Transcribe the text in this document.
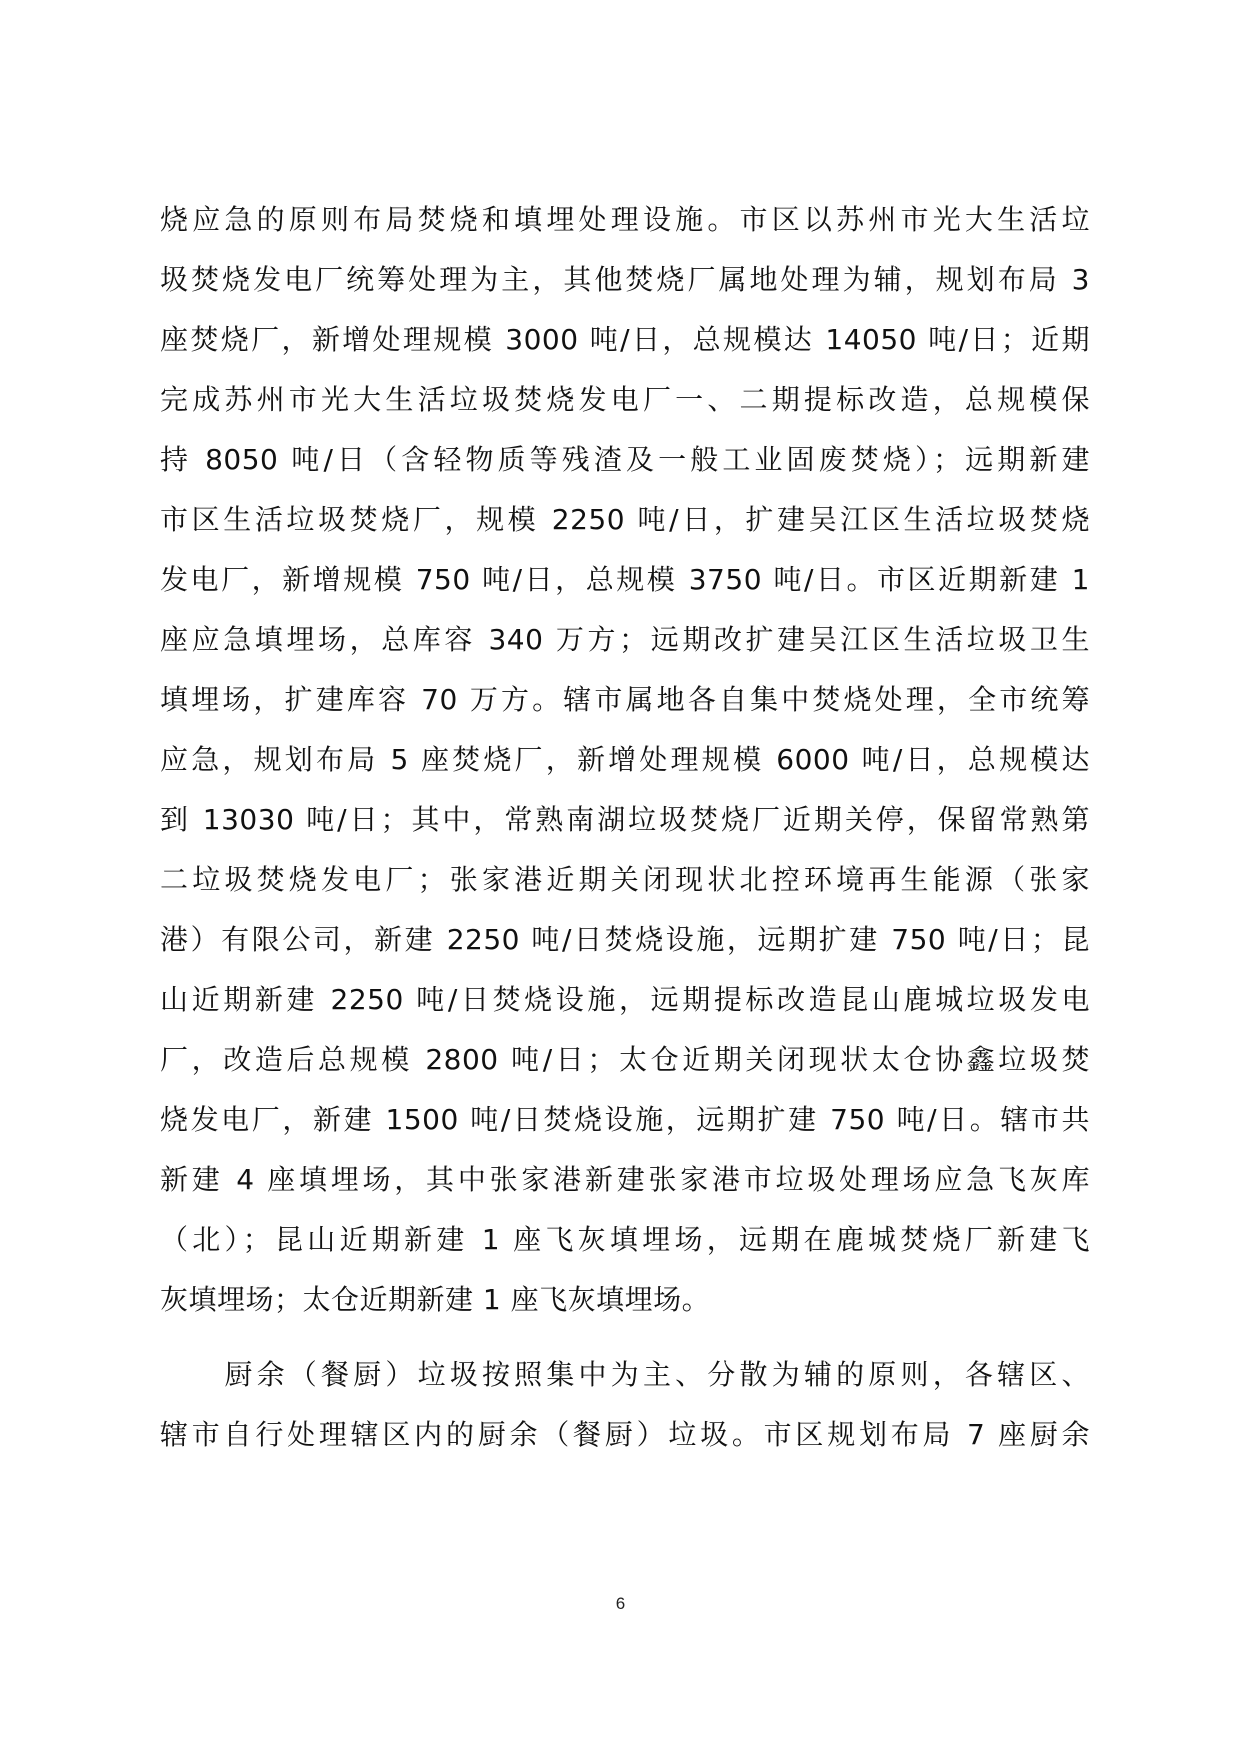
烧应急的原则布局焚烧和填埋处理设施。市区以苏州市光大生活垃
圾焚烧发电厂统筹处理为主，其他焚烧厂属地处理为辅，规划布局 3
座焚烧厂，新增处理规模 3000 吨/日，总规模达 14050 吨/日；近期
完成苏州市光大生活垃圾焚烧发电厂一、二期提标改造，总规模保
持 8050 吨/日（含轻物质等残渣及一般工业固废焚烧）；远期新建
市区生活垃圾焚烧厂，规模 2250 吨/日，扩建吴江区生活垃圾焚烧
发电厂，新增规模 750 吨/日，总规模 3750 吨/日。市区近期新建 1
座应急填埋场，总库容 340 万方；远期改扩建吴江区生活垃圾卫生
填埋场，扩建库容 70 万方。辖市属地各自集中焚烧处理，全市统筹
应急，规划布局 5 座焚烧厂，新增处理规模 6000 吨/日，总规模达
到 13030 吨/日；其中，常熟南湖垃圾焚烧厂近期关停，保留常熟第
二垃圾焚烧发电厂；张家港近期关闭现状北控环境再生能源（张家
港）有限公司，新建 2250 吨/日焚烧设施，远期扩建 750 吨/日；昆
山近期新建 2250 吨/日焚烧设施，远期提标改造昆山鹿城垃圾发电
厂，改造后总规模 2800 吨/日；太仓近期关闭现状太仓协鑫垃圾焚
烧发电厂，新建 1500 吨/日焚烧设施，远期扩建 750 吨/日。辖市共
新建 4 座填埋场，其中张家港新建张家港市垃圾处理场应急飞灰库
（北）；昆山近期新建 1 座飞灰填埋场，远期在鹿城焚烧厂新建飞
灰填埋场；太仓近期新建 1 座飞灰填埋场。
　　厨余（餐厨）垃圾按照集中为主、分散为辅的原则，各辖区、
辖市自行处理辖区内的厨余（餐厨）垃圾。市区规划布局 7 座厨余
6
